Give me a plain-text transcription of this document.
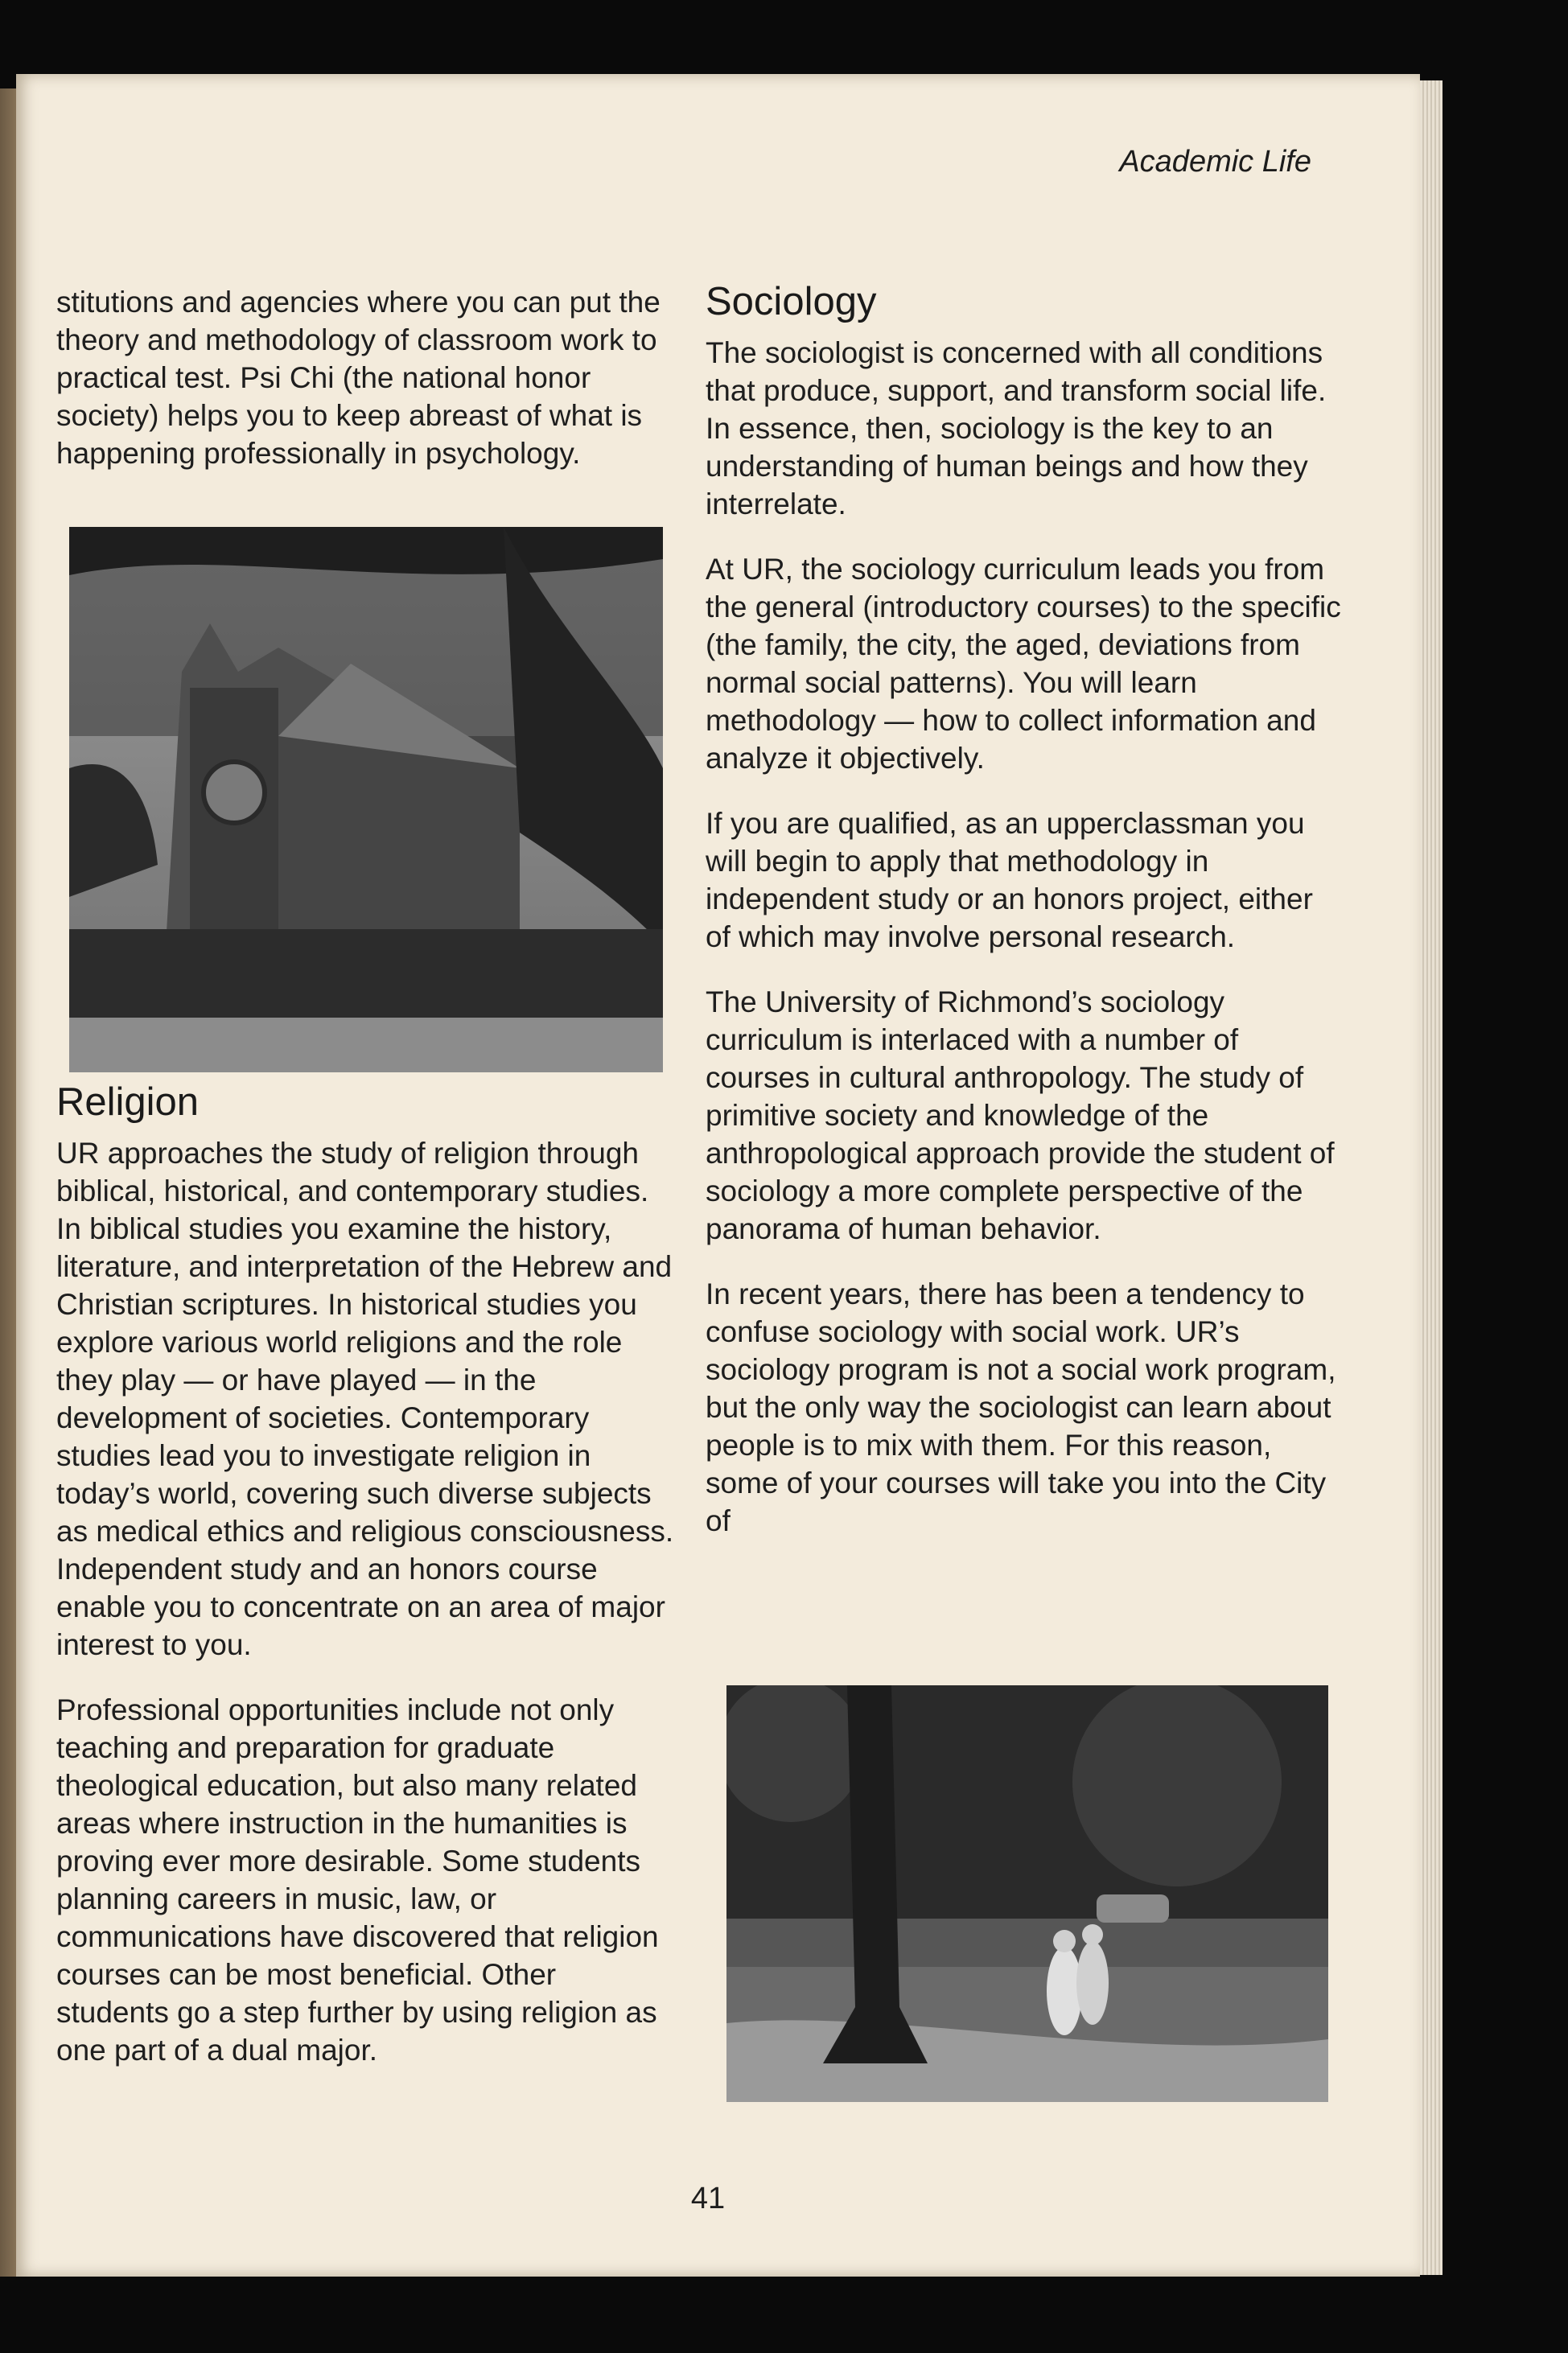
Academic Life

stitutions and agencies where you can put the theory and methodology of classroom work to practical test. Psi Chi (the national honor society) helps you to keep abreast of what is happening professionally in psychology.

Religion

UR approaches the study of religion through biblical, historical, and contemporary studies. In biblical studies you examine the history, literature, and interpretation of the Hebrew and Christian scriptures. In historical studies you explore various world religions and the role they play — or have played — in the development of societies. Contemporary studies lead you to investigate religion in today’s world, covering such diverse subjects as medical ethics and religious consciousness. Independent study and an honors course enable you to concentrate on an area of major interest to you.

Professional opportunities include not only teaching and preparation for graduate theological education, but also many related areas where instruction in the humanities is proving ever more desirable. Some students planning careers in music, law, or communications have discovered that religion courses can be most beneficial. Other students go a step further by using religion as one part of a dual major.

Sociology

The sociologist is concerned with all conditions that produce, support, and transform social life. In essence, then, sociology is the key to an understanding of human beings and how they interrelate.

At UR, the sociology curriculum leads you from the general (introductory courses) to the specific (the family, the city, the aged, deviations from normal social patterns). You will learn methodology — how to collect information and analyze it objectively.

If you are qualified, as an upperclassman you will begin to apply that methodology in independent study or an honors project, either of which may involve personal research.

The University of Richmond’s sociology curriculum is interlaced with a number of courses in cultural anthropology. The study of primitive society and knowledge of the anthropological approach provide the student of sociology a more complete perspective of the panorama of human behavior.

In recent years, there has been a tendency to confuse sociology with social work. UR’s sociology program is not a social work program, but the only way the sociologist can learn about people is to mix with them. For this reason, some of your courses will take you into the City of

41
